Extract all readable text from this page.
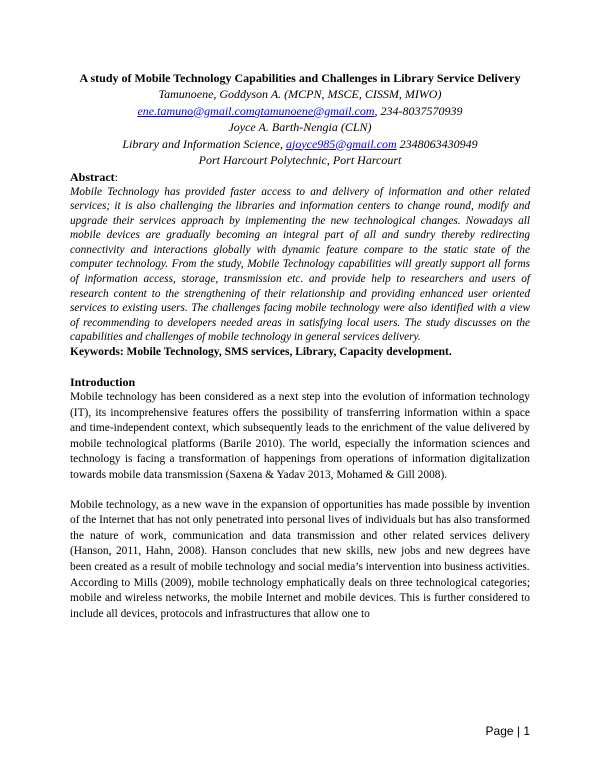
A study of Mobile Technology Capabilities and Challenges in Library Service Delivery

Tamunoene, Goddyson A. (MCPN, MSCE, CISSM, MIWO)
ene.tamuno@gmail.comgtamunoene@gmail.com, 234-8037570939
Joyce A. Barth-Nengia (CLN)
Library and Information Science, ajoyce985@gmail.com 2348063430949
Port Harcourt Polytechnic, Port Harcourt
Abstract:

Mobile Technology has provided faster access to and delivery of information and other related services; it is also challenging the libraries and information centers to change round, modify and upgrade their services approach by implementing the new technological changes. Nowadays all mobile devices are gradually becoming an integral part of all and sundry thereby redirecting connectivity and interactions globally with dynamic feature compare to the static state of the computer technology. From the study, Mobile Technology capabilities will greatly support all forms of information access, storage, transmission etc. and provide help to researchers and users of research content to the strengthening of their relationship and providing enhanced user oriented services to existing users. The challenges facing mobile technology were also identified with a view of recommending to developers needed areas in satisfying local users. The study discusses on the capabilities and challenges of mobile technology in general services delivery.

Keywords: Mobile Technology, SMS services, Library, Capacity development.

Introduction

Mobile technology has been considered as a next step into the evolution of information technology (IT), its incomprehensive features offers the possibility of transferring information within a space and time-independent context, which subsequently leads to the enrichment of the value delivered by mobile technological platforms (Barile 2010). The world, especially the information sciences and technology is facing a transformation of happenings from operations of information digitalization towards mobile data transmission (Saxena & Yadav 2013, Mohamed & Gill 2008).

Mobile technology, as a new wave in the expansion of opportunities has made possible by invention of the Internet that has not only penetrated into personal lives of individuals but has also transformed the nature of work, communication and data transmission and other related services delivery (Hanson, 2011, Hahn, 2008). Hanson concludes that new skills, new jobs and new degrees have been created as a result of mobile technology and social media’s intervention into business activities.

According to Mills (2009), mobile technology emphatically deals on three technological categories; mobile and wireless networks, the mobile Internet and mobile devices. This is further considered to include all devices, protocols and infrastructures that allow one to

Page | 1
